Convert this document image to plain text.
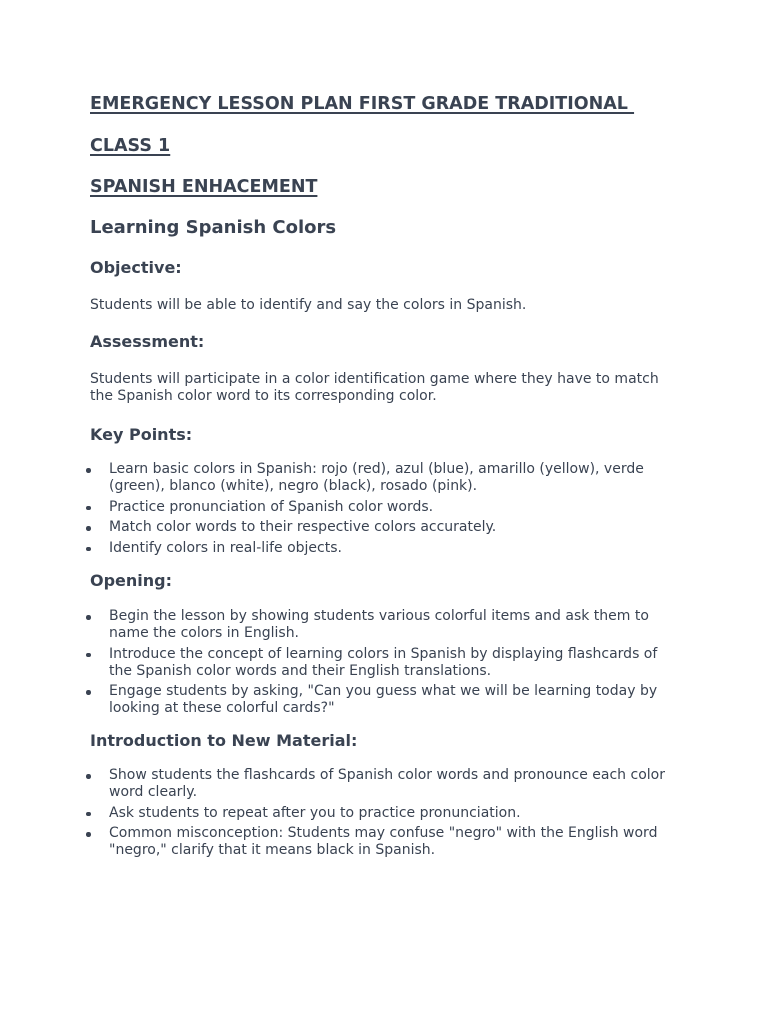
EMERGENCY LESSON PLAN FIRST GRADE TRADITIONAL
CLASS 1
SPANISH ENHACEMENT
Learning Spanish Colors
Objective:

Students will be able to identify and say the colors in Spanish.

Assessment:

Students will participate in a color identification game where they have to match the Spanish color word to its corresponding color.

Key Points:
Learn basic colors in Spanish: rojo (red), azul (blue), amarillo (yellow), verde (green), blanco (white), negro (black), rosado (pink).
Practice pronunciation of Spanish color words.
Match color words to their respective colors accurately.
Identify colors in real-life objects.
Opening:
Begin the lesson by showing students various colorful items and ask them to name the colors in English.
Introduce the concept of learning colors in Spanish by displaying flashcards of the Spanish color words and their English translations.
Engage students by asking, "Can you guess what we will be learning today by looking at these colorful cards?"
Introduction to New Material:
Show students the flashcards of Spanish color words and pronounce each color word clearly.
Ask students to repeat after you to practice pronunciation.
Common misconception: Students may confuse "negro" with the English word "negro," clarify that it means black in Spanish.
